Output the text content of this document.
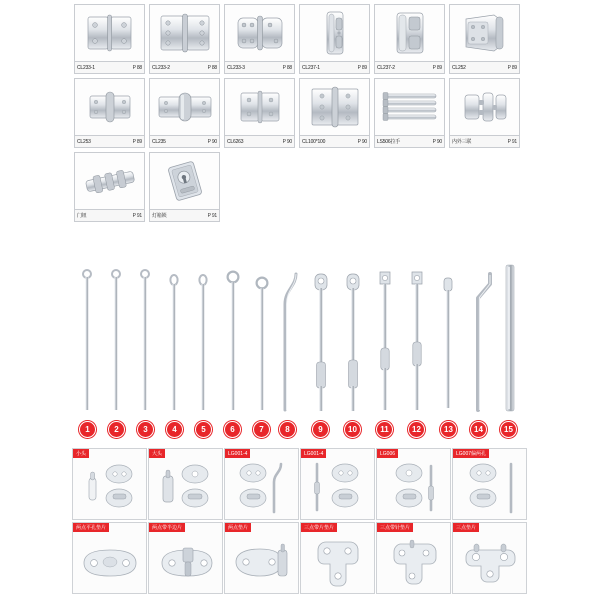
CL233-1	P 88 CL233-2	P 88 CL233-3	P 88 CL237-1	P 89 CL237-2	P 89 CL252	P 89
CL253	P 89 CL235	P 90 CL6263	P 90 CL100*100	P 90 LS506拉手	P 90 内外三联	P 91
门钮	P 91 灯箱锁	P 91
1	2	3	4	5	6	7	8	9	10	11	12	13	14	15
小头	大头	LG001-4	LG001-4	LG006	LG007偏两孔
两点平孔垫片	两点带半边片	两点垫片	三点带片垫片	三点带针垫片	三点垫片
